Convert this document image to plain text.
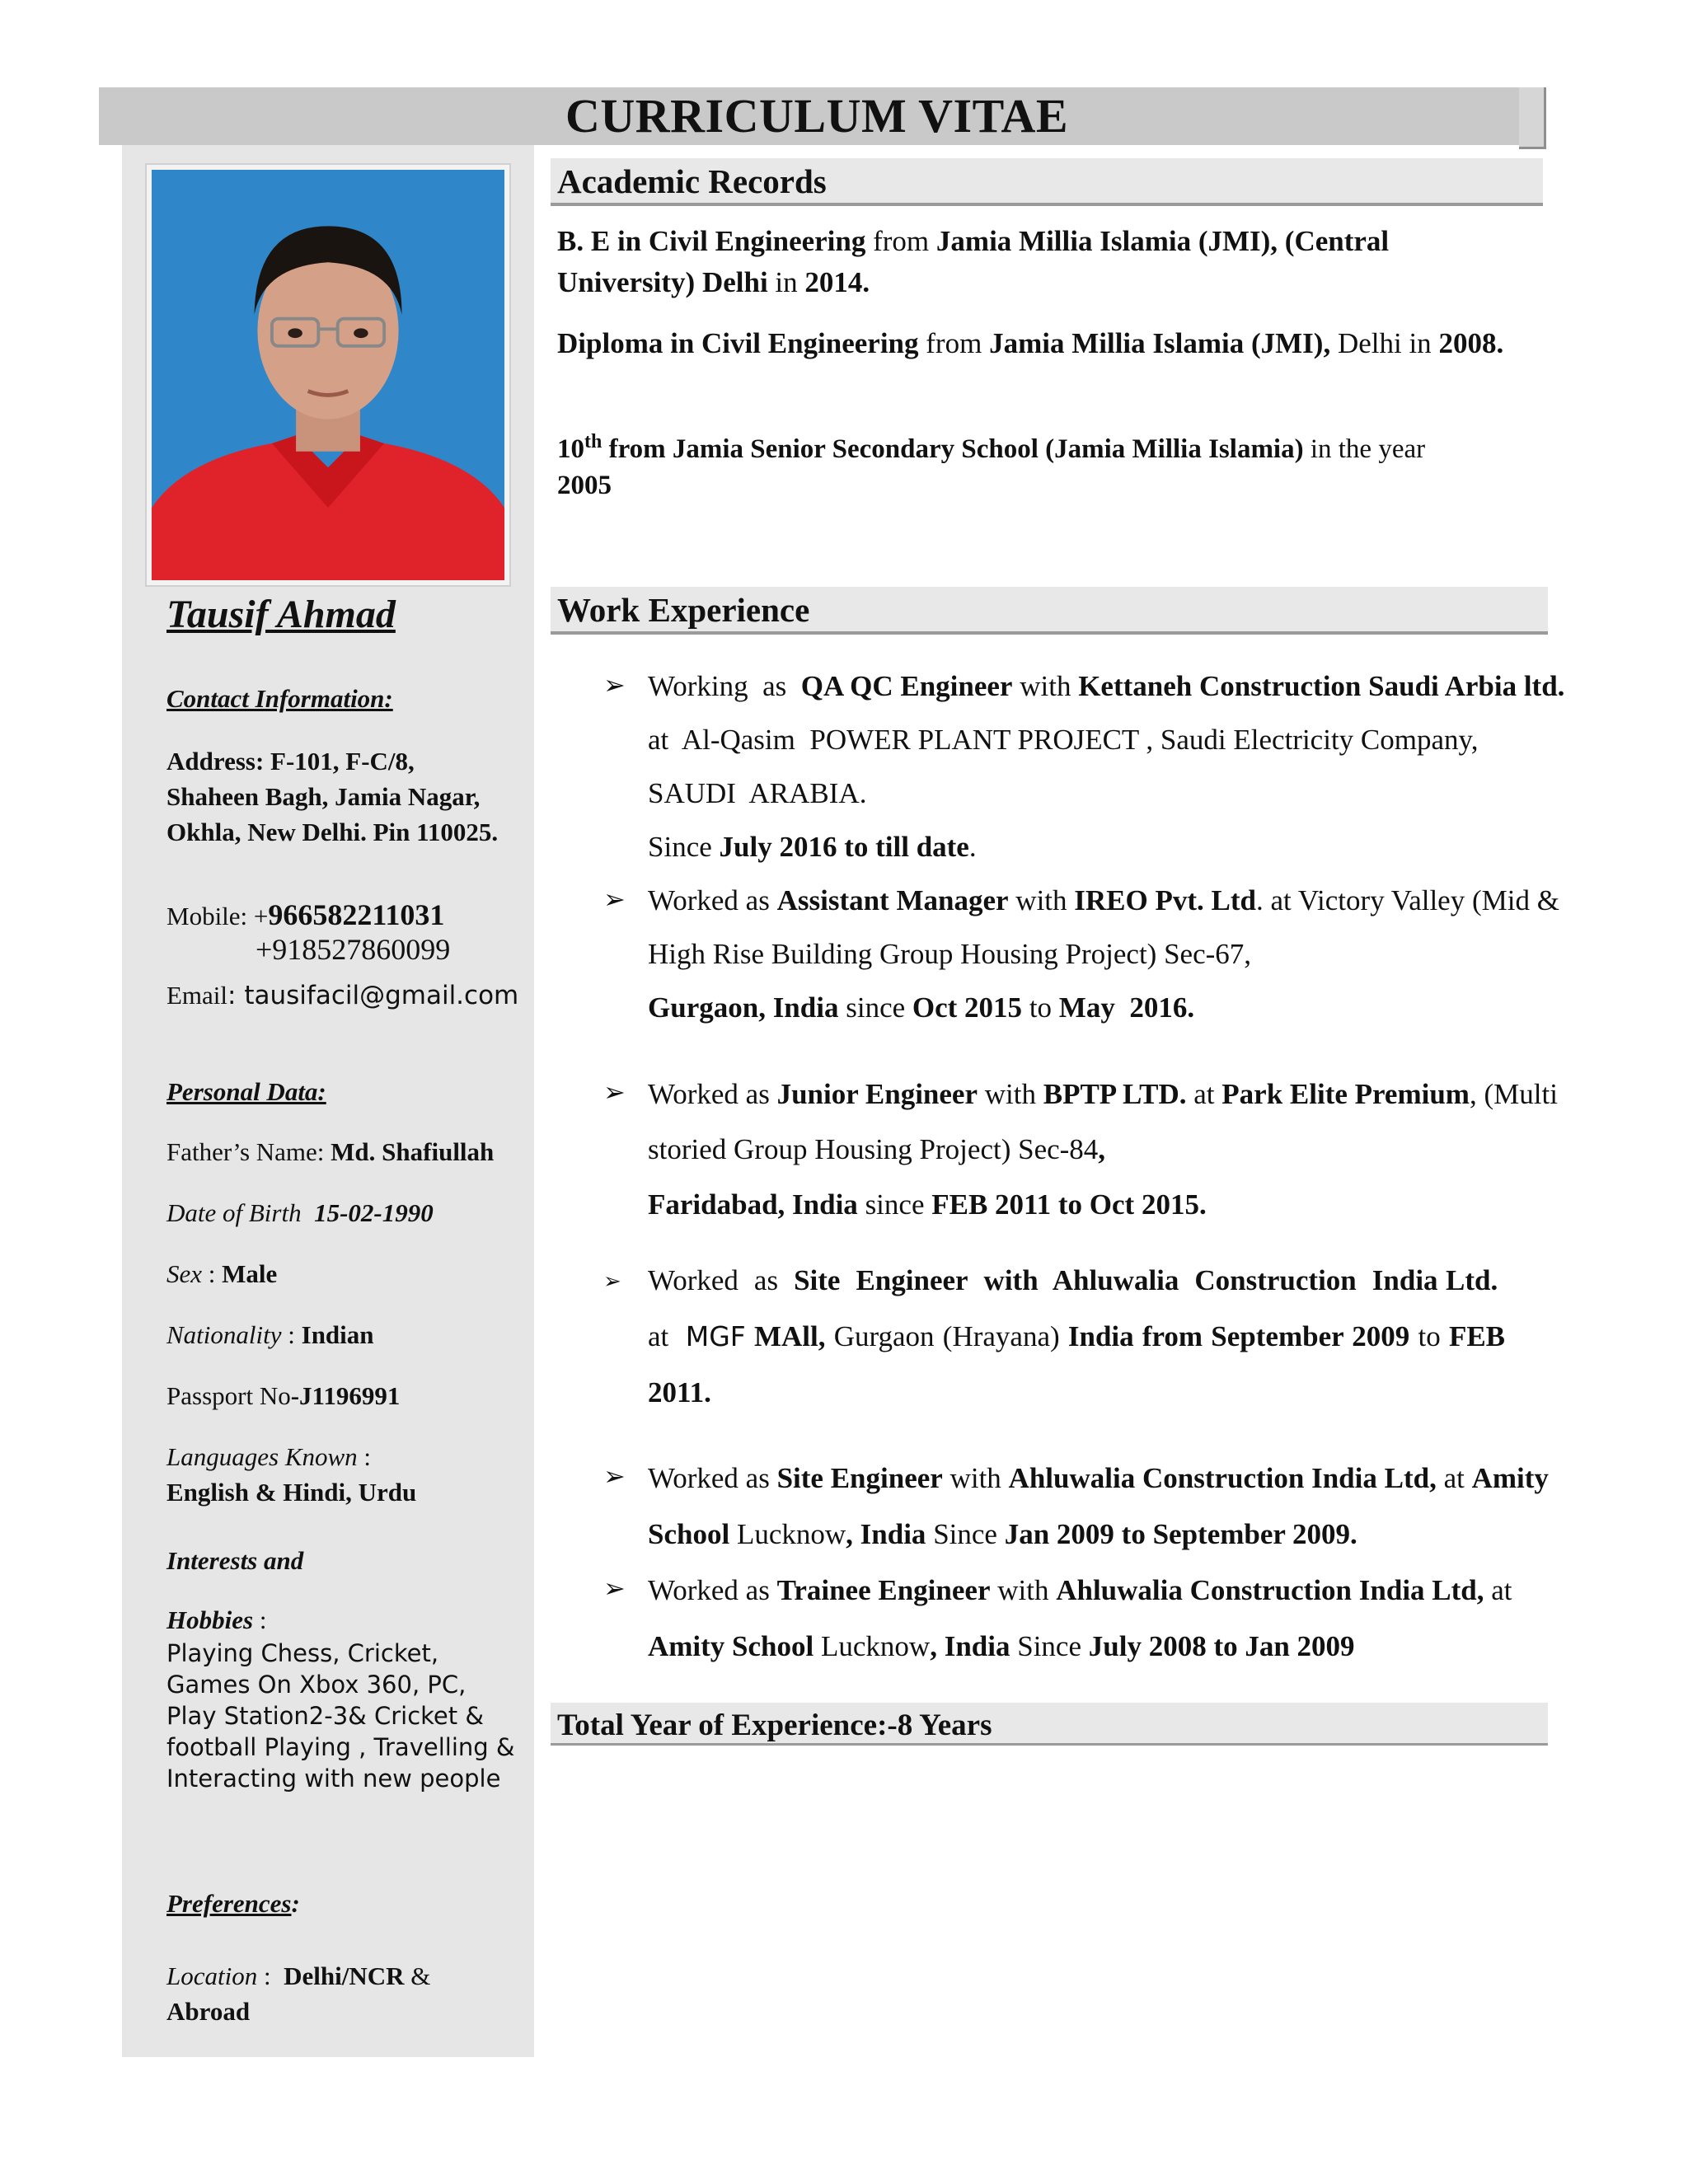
CURRICULUM VITAE
Tausif Ahmad
Contact Information:
Address: F-101, F-C/8,
Shaheen Bagh, Jamia Nagar,
Okhla, New Delhi. Pin 110025.
Mobile: +966582211031
+918527860099
Email: tausifacil@gmail.com
Personal Data:
Father’s Name: Md. Shafiullah
Date of Birth 15-02-1990
Sex : Male
Nationality : Indian
Passport No-J1196991
Languages Known :
English & Hindi, Urdu
Interests and
Hobbies :
Playing Chess, Cricket,
Games On Xbox 360, PC,
Play Station2-3& Cricket &
football Playing , Travelling &
Interacting with new people
Preferences:
Location :  Delhi/NCR &
Abroad
Academic Records
B. E in Civil Engineering from Jamia Millia Islamia (JMI), (Central University) Delhi in 2014.
Diploma in Civil Engineering from Jamia Millia Islamia (JMI), Delhi in 2008.
10th from Jamia Senior Secondary School (Jamia Millia Islamia) in the year
2005
Work Experience
➢ Working  as  QA QC Engineer with Kettaneh Construction Saudi Arbia ltd. at  Al-Qasim  POWER PLANT PROJECT , Saudi Electricity Company, SAUDI  ARABIA.
Since July 2016 to till date.
➢ Worked as Assistant Manager with IREO Pvt. Ltd. at Victory Valley (Mid & High Rise Building Group Housing Project) Sec-67,
Gurgaon, India since Oct 2015 to May  2016.
➢ Worked as Junior Engineer with BPTP LTD. at Park Elite Premium, (Multi storied Group Housing Project) Sec-84,
Faridabad, India since FEB 2011 to Oct 2015.
➢ Worked  as  Site  Engineer  with  Ahluwalia  Construction  India Ltd.  at  MGF MAll, Gurgaon (Hrayana) India from September 2009 to FEB 2011.
➢ Worked as Site Engineer with Ahluwalia Construction India Ltd, at Amity School Lucknow, India Since Jan 2009 to September 2009.
➢ Worked as Trainee Engineer with Ahluwalia Construction India Ltd, at Amity School Lucknow, India Since July 2008 to Jan 2009
Total Year of Experience:-8 Years
